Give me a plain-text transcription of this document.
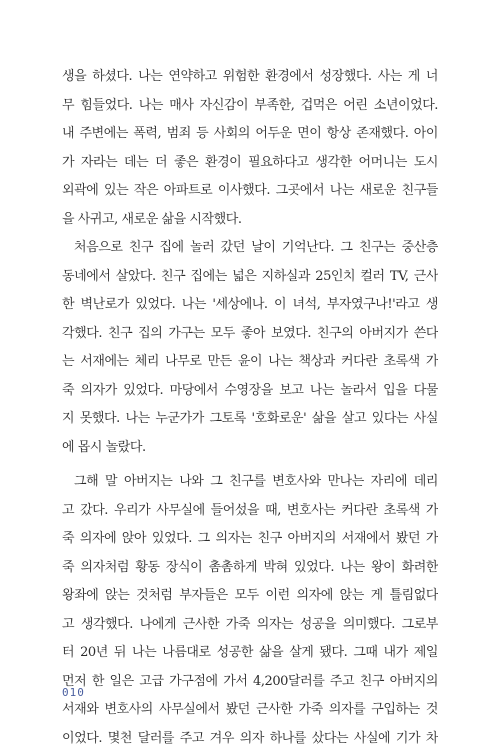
생을 하셨다. 나는 연약하고 위험한 환경에서 성장했다. 사는 게 너
무 힘들었다. 나는 매사 자신감이 부족한, 겁먹은 어린 소년이었다.
내 주변에는 폭력, 범죄 등 사회의 어두운 면이 항상 존재했다. 아이
가 자라는 데는 더 좋은 환경이 필요하다고 생각한 어머니는 도시
외곽에 있는 작은 아파트로 이사했다. 그곳에서 나는 새로운 친구들
을 사귀고, 새로운 삶을 시작했다.
처음으로 친구 집에 놀러 갔던 날이 기억난다. 그 친구는 중산층
동네에서 살았다. 친구 집에는 넓은 지하실과 25인치 컬러 TV, 근사
한 벽난로가 있었다. 나는 '세상에나. 이 녀석, 부자였구나!'라고 생
각했다. 친구 집의 가구는 모두 좋아 보였다. 친구의 아버지가 쓴다
는 서재에는 체리 나무로 만든 윤이 나는 책상과 커다란 초록색 가
죽 의자가 있었다. 마당에서 수영장을 보고 나는 놀라서 입을 다물
지 못했다. 나는 누군가가 그토록 '호화로운' 삶을 살고 있다는 사실
에 몹시 놀랐다.
그해 말 아버지는 나와 그 친구를 변호사와 만나는 자리에 데리
고 갔다. 우리가 사무실에 들어섰을 때, 변호사는 커다란 초록색 가
죽 의자에 앉아 있었다. 그 의자는 친구 아버지의 서재에서 봤던 가
죽 의자처럼 황동 장식이 촘촘하게 박혀 있었다. 나는 왕이 화려한
왕좌에 앉는 것처럼 부자들은 모두 이런 의자에 앉는 게 틀림없다
고 생각했다. 나에게 근사한 가죽 의자는 성공을 의미했다. 그로부
터 20년 뒤 나는 나름대로 성공한 삶을 살게 됐다. 그때 내가 제일
먼저 한 일은 고급 가구점에 가서 4,200달러를 주고 친구 아버지의
서재와 변호사의 사무실에서 봤던 근사한 가죽 의자를 구입하는 것
이었다. 몇천 달러를 주고 겨우 의자 하나를 샀다는 사실에 기가 차
010
